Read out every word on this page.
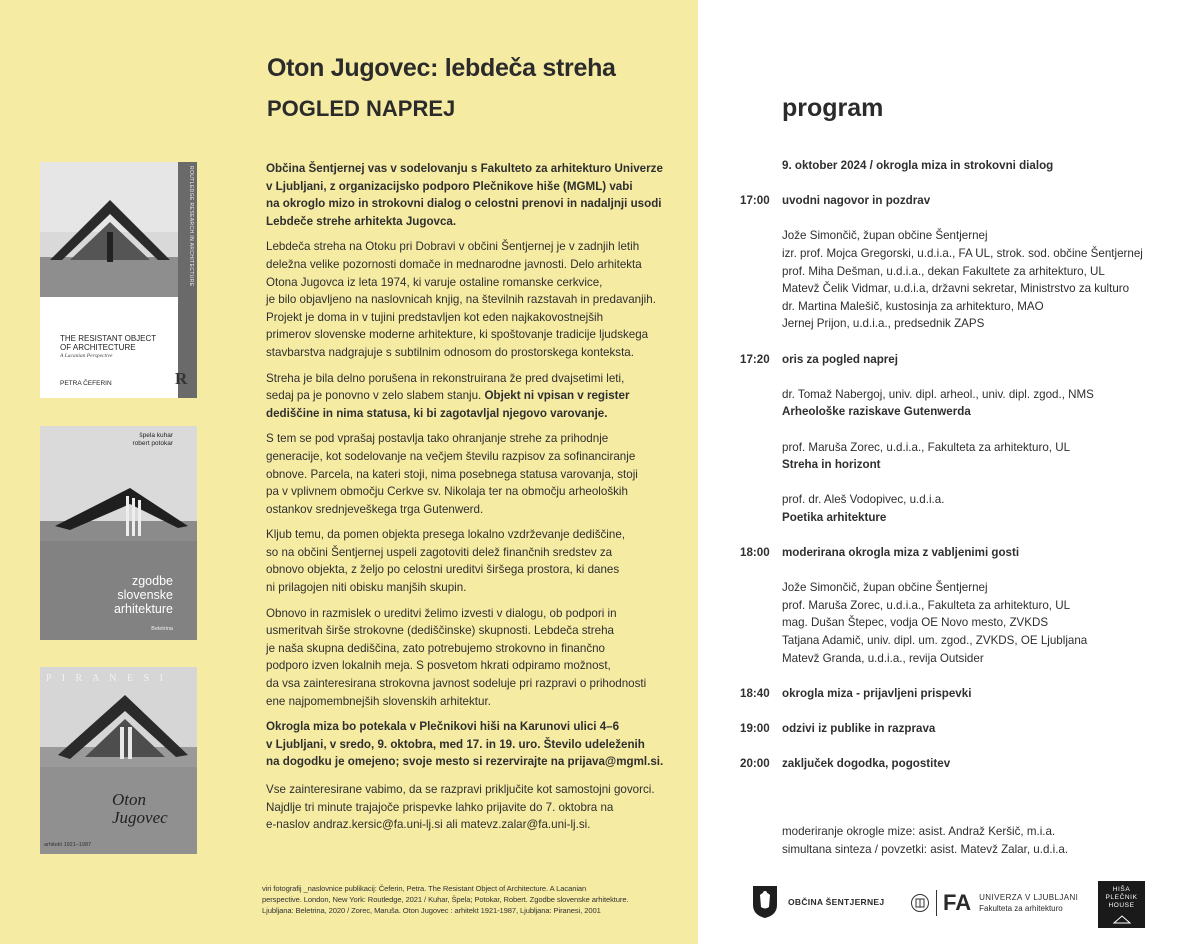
Oton Jugovec: lebdeča streha
POGLED NAPREJ
ROUTLEDGE RESEARCH IN ARCHITECTURE
THE RESISTANT OBJECT
OF ARCHITECTURE
A Lacanian Perspective
PETRA ČEFERIN	R
špela kuhar
robert potokar
zgodbe
slovenske
arhitekture
Beletrina
P I R A N E S I
Oton
Jugovec
arhitekt 1921–1987

Občina Šentjernej vas v sodelovanju s Fakulteto za arhitekturo Univerze
v Ljubljani, z organizacijsko podporo Plečnikove hiše (MGML) vabi
na okroglo mizo in strokovni dialog o celostni prenovi in nadaljnji usodi
Lebdeče strehe arhitekta Jugovca.

Lebdeča streha na Otoku pri Dobravi v občini Šentjernej je v zadnjih letih
deležna velike pozornosti domače in mednarodne javnosti. Delo arhitekta
Otona Jugovca iz leta 1974, ki varuje ostaline romanske cerkvice,
je bilo objavljeno na naslovnicah knjig, na številnih razstavah in predavanjih.
Projekt je doma in v tujini predstavljen kot eden najkakovostnejših
primerov slovenske moderne arhitekture, ki spoštovanje tradicije ljudskega
stavbarstva nadgrajuje s subtilnim odnosom do prostorskega konteksta.

Streha je bila delno porušena in rekonstruirana že pred dvajsetimi leti,
sedaj pa je ponovno v zelo slabem stanju. Objekt ni vpisan v register
dediščine in nima statusa, ki bi zagotavljal njegovo varovanje.

S tem se pod vprašaj postavlja tako ohranjanje strehe za prihodnje
generacije, kot sodelovanje na večjem številu razpisov za sofinanciranje
obnove. Parcela, na kateri stoji, nima posebnega statusa varovanja, stoji
pa v vplivnem območju Cerkve sv. Nikolaja ter na območju arheoloških
ostankov srednjeveškega trga Gutenwerd.

Kljub temu, da pomen objekta presega lokalno vzdrževanje dediščine,
so na občini Šentjernej uspeli zagotoviti delež finančnih sredstev za
obnovo objekta, z željo po celostni ureditvi širšega prostora, ki danes
ni prilagojen niti obisku manjših skupin.

Obnovo in razmislek o ureditvi želimo izvesti v dialogu, ob podpori in
usmeritvah širše strokovne (dediščinske) skupnosti. Lebdeča streha
je naša skupna dediščina, zato potrebujemo strokovno in finančno
podporo izven lokalnih meja. S posvetom hkrati odpiramo možnost,
da vsa zainteresirana strokovna javnost sodeluje pri razpravi o prihodnosti
ene najpomembnejših slovenskih arhitektur.

Okrogla miza bo potekala v Plečnikovi hiši na Karunovi ulici 4–6
v Ljubljani, v sredo, 9. oktobra, med 17. in 19. uro. Število udeleženih
na dogodku je omejeno; svoje mesto si rezervirajte na prijava@mgml.si.

Vse zainteresirane vabimo, da se razpravi priključite kot samostojni govorci.
Najdlje tri minute trajajoče prispevke lahko prijavite do 7. oktobra na
e-naslov andraz.kersic@fa.uni-lj.si ali matevz.zalar@fa.uni-lj.si.

viri fotografij _naslovnice publikacij: Čeferin, Petra. The Resistant Object of Architecture. A Lacanian
perspective. London, New York: Routledge, 2021 / Kuhar, Špela; Potokar, Robert. Zgodbe slovenske arhitekture.
Ljubljana: Beletrina, 2020 / Zorec, Maruša. Oton Jugovec : arhitekt 1921-1987, Ljubljana: Piranesi, 2001
program
9. oktober 2024 / okrogla miza in strokovni dialog
17:00	uvodni nagovor in pozdrav
Jože Simončič, župan občine Šentjernej
izr. prof. Mojca Gregorski, u.d.i.a., FA UL, strok. sod. občine Šentjernej
prof. Miha Dešman, u.d.i.a., dekan Fakultete za arhitekturo, UL
Matevž Čelik Vidmar, u.d.i.a, državni sekretar, Ministrstvo za kulturo
dr. Martina Malešič, kustosinja za arhitekturo, MAO
Jernej Prijon, u.d.i.a., predsednik ZAPS
17:20	oris za pogled naprej
dr. Tomaž Nabergoj, univ. dipl. arheol., univ. dipl. zgod., NMS
Arheološke raziskave Gutenwerda
prof. Maruša Zorec, u.d.i.a., Fakulteta za arhitekturo, UL
Streha in horizont
prof. dr. Aleš Vodopivec, u.d.i.a.
Poetika arhitekture
18:00	moderirana okrogla miza z vabljenimi gosti
Jože Simončič, župan občine Šentjernej
prof. Maruša Zorec, u.d.i.a., Fakulteta za arhitekturo, UL
mag. Dušan Štepec, vodja OE Novo mesto, ZVKDS
Tatjana Adamič, univ. dipl. um. zgod., ZVKDS, OE Ljubljana
Matevž Granda, u.d.i.a., revija Outsider
18:40	okrogla miza - prijavljeni prispevki
19:00	odzivi iz publike in razprava
20:00	zaključek dogodka, pogostitev
moderiranje okrogle mize: asist. Andraž Keršič, m.i.a.
simultana sinteza / povzetki: asist. Matevž Zalar, u.d.i.a.
OBČINA ŠENTJERNEJ	FA UNIVERZA V LJUBLJANI
Fakulteta za arhitekturo
HIŠA
PLEČNIK
HOUSE
